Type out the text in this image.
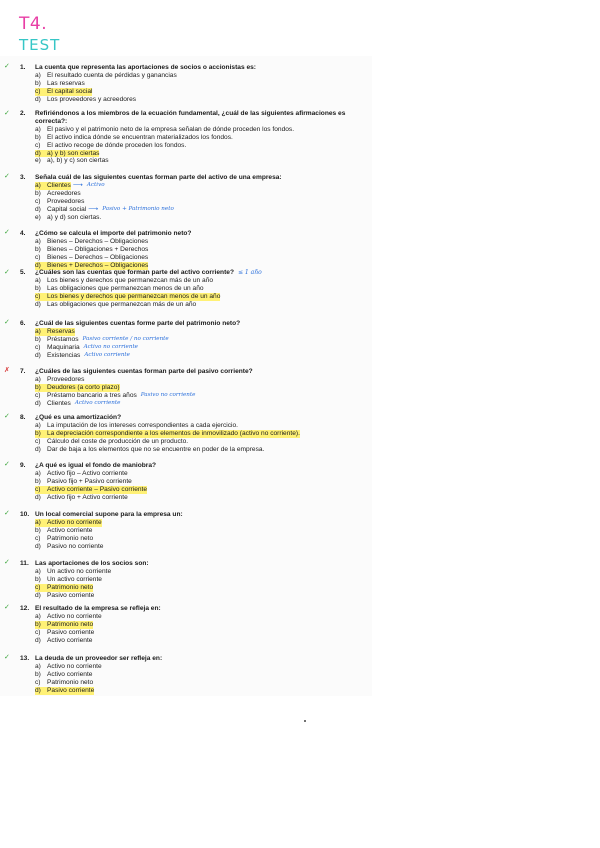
T4.
TEST
1.	La cuenta que representa las aportaciones de socios o accionistas es:
a) El resultado cuenta de pérdidas y ganancias
b) Las reservas
c) El capital social
d) Los proveedores y acreedores
2.	Refiriéndonos a los miembros de la ecuación fundamental, ¿cuál de las siguientes afirmaciones es correcta?:
a) El pasivo y el patrimonio neto de la empresa señalan de dónde proceden los fondos.
b) El activo indica dónde se encuentran materializados los fondos.
c) El activo recoge de dónde proceden los fondos.
d) a) y b) son ciertas
e) a), b) y c) son ciertas
3.	Señala cuál de las siguientes cuentas forman parte del activo de una empresa:
a) Clientes ⟶ Activo
b) Acreedores
c) Proveedores
d) Capital social ⟶ Pasivo + Patrimonio neto
e) a) y d) son ciertas.
4.	¿Cómo se calcula el importe del patrimonio neto?
a) Bienes – Derechos – Obligaciones
b) Bienes – Obligaciones + Derechos
c) Bienes – Derechos – Obligaciones
d) Bienes + Derechos – Obligaciones
5.	¿Cuáles son las cuentas que forman parte del activo corriente? ≤ 1 año
a) Los bienes y derechos que permanezcan más de un año
b) Las obligaciones que permanezcan menos de un año
c) Los bienes y derechos que permanezcan menos de un año
d) Las obligaciones que permanezcan más de un año
6.	¿Cuál de las siguientes cuentas forme parte del patrimonio neto?
a) Reservas
b) Préstamos Pasivo corriente / no corriente
c) Maquinaria Activo no corriente
d) Existencias Activo corriente
7.	¿Cuáles de las siguientes cuentas forman parte del pasivo corriente?
a) Proveedores
b) Deudores (a corto plazo)
c) Préstamo bancario a tres años Pasivo no corriente
d) Clientes Activo corriente
8.	¿Qué es una amortización?
a) La imputación de los intereses correspondientes a cada ejercicio.
b) La depreciación correspondiente a los elementos de inmovilizado (activo no corriente).
c) Cálculo del coste de producción de un producto.
d) Dar de baja a los elementos que no se encuentre en poder de la empresa.
9.	¿A qué es igual el fondo de maniobra?
a) Activo fijo – Activo corriente
b) Pasivo fijo + Pasivo corriente
c) Activo corriente – Pasivo corriente
d) Activo fijo + Activo corriente
10. Un local comercial supone para la empresa un:
a) Activo no corriente
b) Activo corriente
c) Patrimonio neto
d) Pasivo no corriente
11. Las aportaciones de los socios son:
a) Un activo no corriente
b) Un activo corriente
c) Patrimonio neto
d) Pasivo corriente
12. El resultado de la empresa se refleja en:
a) Activo no corriente
b) Patrimonio neto
c) Pasivo corriente
d) Activo corriente
13. La deuda de un proveedor ser refleja en:
a) Activo no corriente
b) Activo corriente
c) Patrimonio neto
d) Pasivo corriente
✓
✓
✓
✓
✓
✓
✗
✓
✓
✓
✓
✓
✓
